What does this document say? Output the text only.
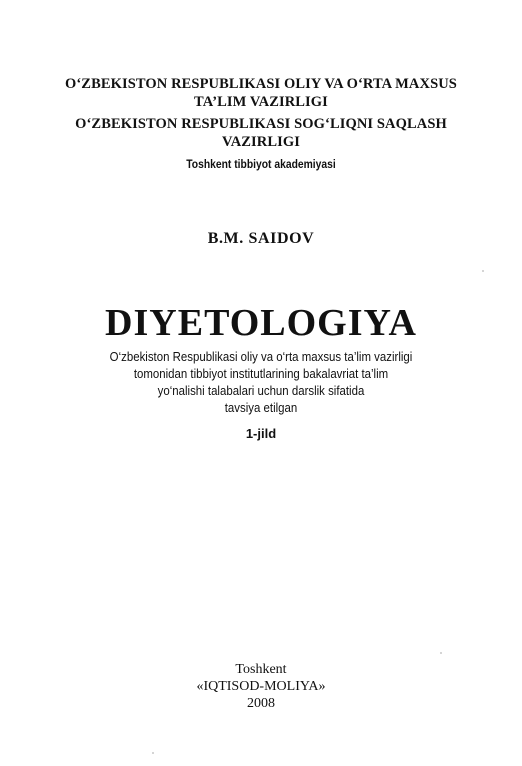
O‘ZBEKISTON RESPUBLIKASI OLIY VA O‘RTA MAXSUS
TA’LIM VAZIRLIGI
O‘ZBEKISTON RESPUBLIKASI SOG‘LIQNI SAQLASH
VAZIRLIGI
Toshkent tibbiyot akademiyasi
B.M. SAIDOV
DIYETOLOGIYA
O‘zbekiston Respublikasi oliy va o‘rta maxsus ta’lim vazirligi
tomonidan tibbiyot institutlarining bakalavriat ta’lim
yo‘nalishi talabalari uchun darslik sifatida
tavsiya etilgan
1-jild
Toshkent
«IQTISOD-MOLIYA»
2008
